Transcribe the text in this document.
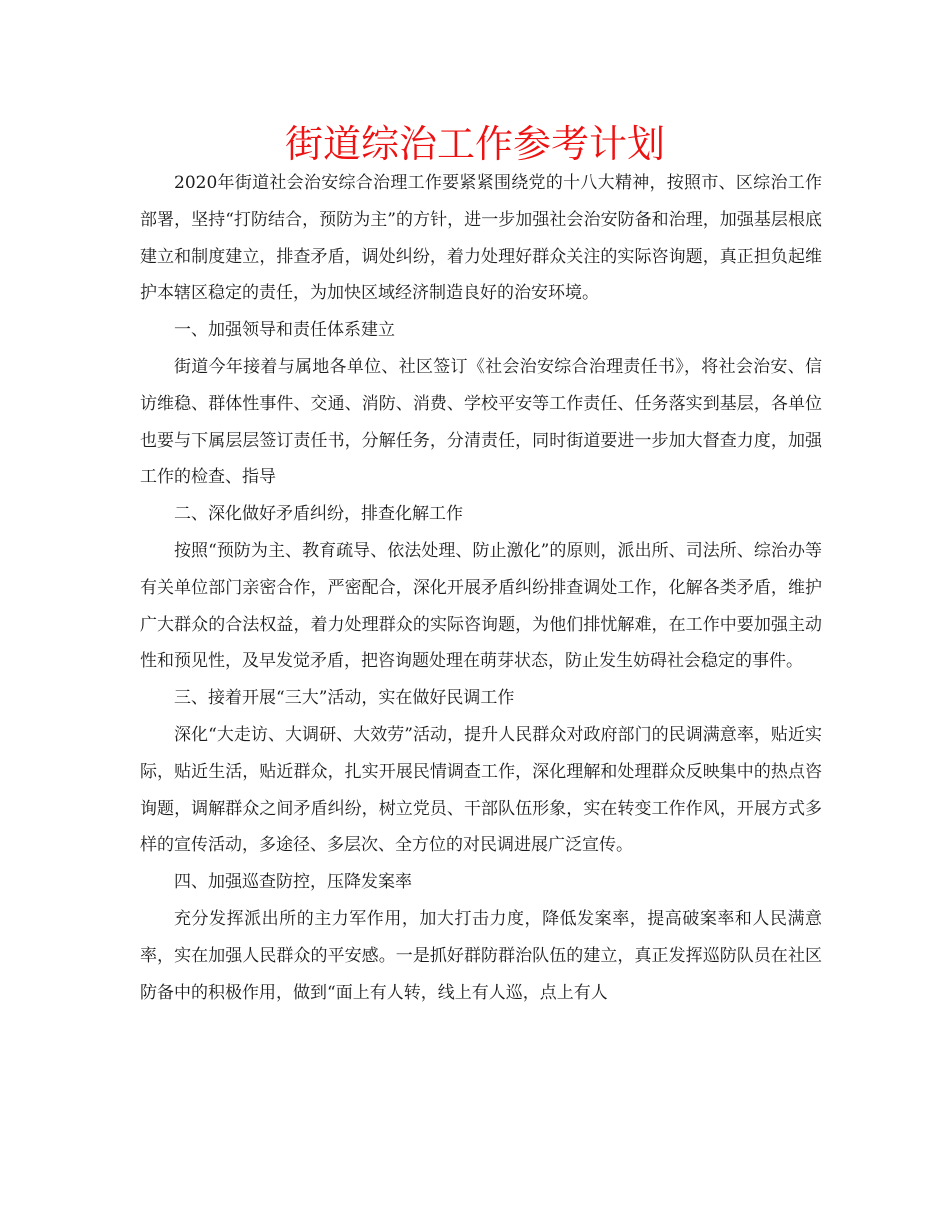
街道综治工作参考计划

2020年街道社会治安综合治理工作要紧紧围绕党的十八大精神，按照市、区综治工作部署，坚持“打防结合，预防为主”的方针，进一步加强社会治安防备和治理，加强基层根底建立和制度建立，排查矛盾，调处纠纷，着力处理好群众关注的实际咨询题，真正担负起维护本辖区稳定的责任，为加快区域经济制造良好的治安环境。

一、加强领导和责任体系建立

街道今年接着与属地各单位、社区签订《社会治安综合治理责任书》，将社会治安、信访维稳、群体性事件、交通、消防、消费、学校平安等工作责任、任务落实到基层，各单位也要与下属层层签订责任书，分解任务，分清责任，同时街道要进一步加大督查力度，加强工作的检查、指导

二、深化做好矛盾纠纷，排查化解工作

按照“预防为主、教育疏导、依法处理、防止激化”的原则，派出所、司法所、综治办等有关单位部门亲密合作，严密配合，深化开展矛盾纠纷排查调处工作，化解各类矛盾，维护广大群众的合法权益，着力处理群众的实际咨询题，为他们排忧解难，在工作中要加强主动性和预见性，及早发觉矛盾，把咨询题处理在萌芽状态，防止发生妨碍社会稳定的事件。

三、接着开展“三大”活动，实在做好民调工作

深化“大走访、大调研、大效劳”活动，提升人民群众对政府部门的民调满意率，贴近实际，贴近生活，贴近群众，扎实开展民情调查工作，深化理解和处理群众反映集中的热点咨询题，调解群众之间矛盾纠纷，树立党员、干部队伍形象，实在转变工作作风，开展方式多样的宣传活动，多途径、多层次、全方位的对民调进展广泛宣传。

四、加强巡查防控，压降发案率

充分发挥派出所的主力军作用，加大打击力度，降低发案率，提高破案率和人民满意率，实在加强人民群众的平安感。一是抓好群防群治队伍的建立，真正发挥巡防队员在社区防备中的积极作用，做到“面上有人转，线上有人巡，点上有人
